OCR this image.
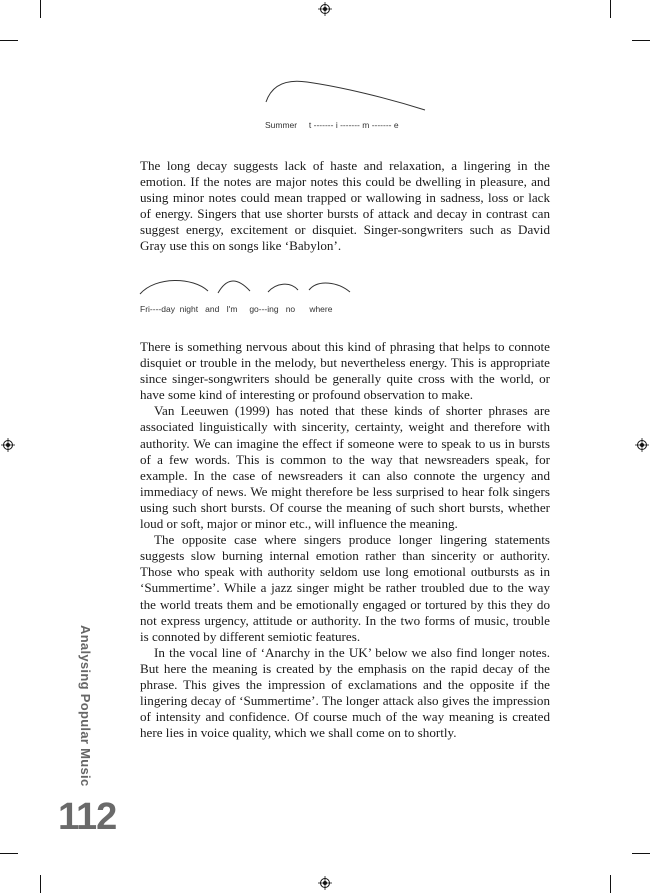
Summer     t ------- i ------- m ------- e

The long decay suggests lack of haste and relaxation, a lingering in the emotion. If the notes are major notes this could be dwelling in pleasure, and using minor notes could mean trapped or wallowing in sadness, loss or lack of energy. Singers that use shorter bursts of attack and decay in contrast can suggest energy, excitement or disquiet. Singer-songwriters such as David Gray use this on songs like ‘Babylon’.

Fri----day  night   and   I'm     go---ing   no      where

There is something nervous about this kind of phrasing that helps to connote disquiet or trouble in the melody, but nevertheless energy. This is appropriate since singer-songwriters should be generally quite cross with the world, or have some kind of interesting or profound observation to make.

Van Leeuwen (1999) has noted that these kinds of shorter phrases are associated linguistically with sincerity, certainty, weight and therefore with authority. We can imagine the effect if someone were to speak to us in bursts of a few words. This is common to the way that newsreaders speak, for example. In the case of newsreaders it can also connote the urgency and immediacy of news. We might therefore be less surprised to hear folk singers using such short bursts. Of course the meaning of such short bursts, whether loud or soft, major or minor etc., will influence the meaning.

The opposite case where singers produce longer lingering statements suggests slow burning internal emotion rather than sincerity or authority. Those who speak with authority seldom use long emotional outbursts as in ‘Summertime’. While a jazz singer might be rather troubled due to the way the world treats them and be emotionally engaged or tortured by this they do not express urgency, attitude or authority. In the two forms of music, trouble is connoted by different semiotic features.

In the vocal line of ‘Anarchy in the UK’ below we also find longer notes. But here the meaning is created by the emphasis on the rapid decay of the phrase. This gives the impression of exclamations and the opposite if the lingering decay of ‘Summertime’. The longer attack also gives the impression of intensity and confidence. Of course much of the way meaning is created here lies in voice quality, which we shall come on to shortly.

Analysing Popular Music
112
